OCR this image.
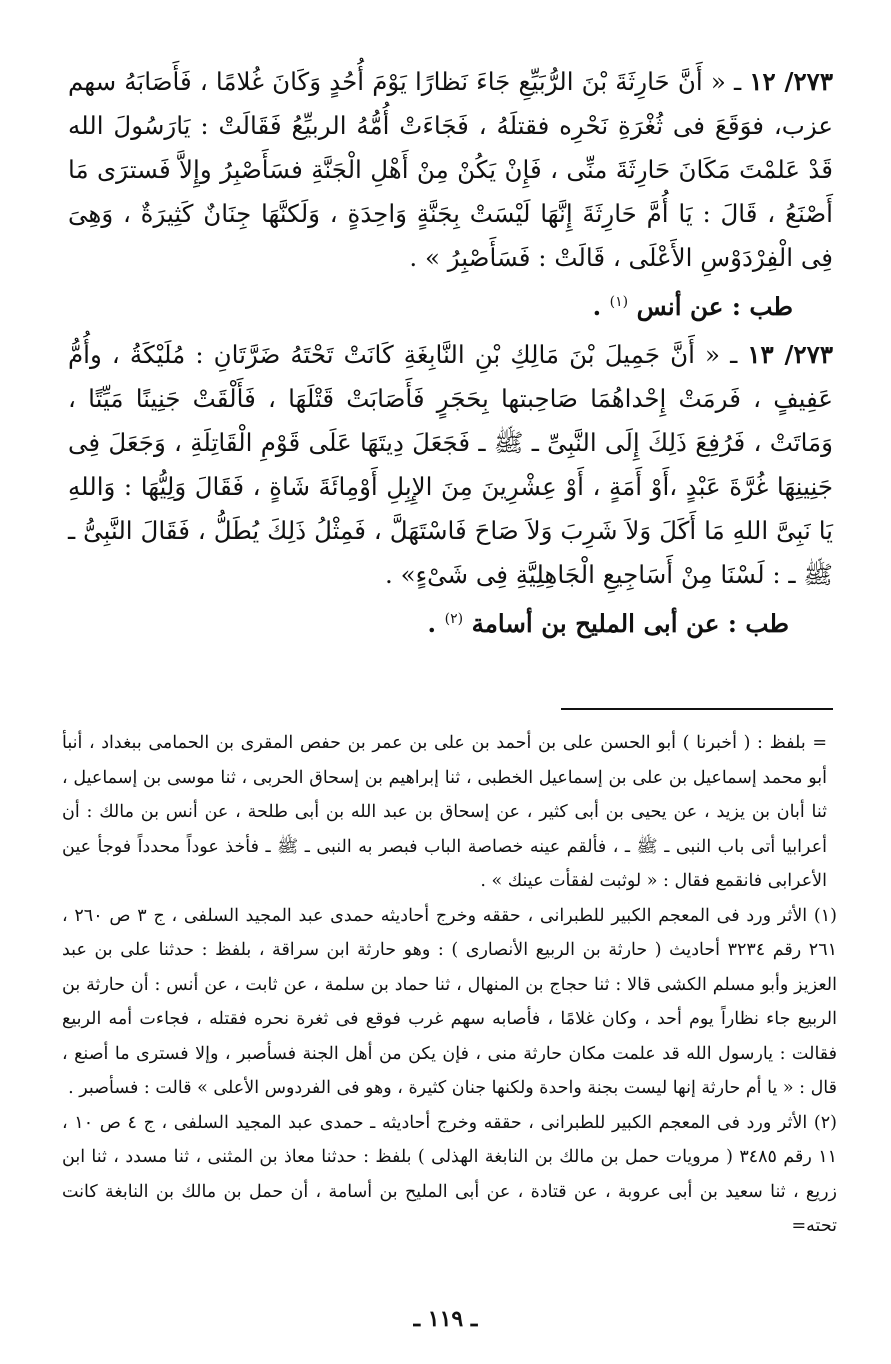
٢٧٣/ ١٢ ـ « أَنَّ حَارِثَةَ بْنَ الرُّبَيِّعِ جَاءَ نَظارًا يَوْمَ أُحُدٍ وَكَانَ غُلامًا ، فَأَصَابَهُ سهم عزب، فوَقَعَ فى ثُغْرَةِ نَحْرِه فقتلَهُ ، فَجَاءَتْ أُمُّهُ الربيِّعُ فَقَالَتْ : يَارَسُولَ الله قَدْ عَلمْتَ مَكَانَ حَارِثَةَ منِّى ، فَإِنْ يَكُنْ مِنْ أَهْلِ الْجَنَّةِ فسَأَصْبِرُ وإِلاَّ فَسترَى مَا أَصْنَعُ ، قَالَ : يَا أُمَّ حَارِثَةَ إِنَّهَا لَيْسَتْ بِجَنَّةٍ وَاحِدَةٍ ، وَلَكنَّهَا جِنَانٌ كَثِيرَةٌ ، وَهِىَ فِى الْفِرْدَوْسِ الأَعْلَى ، قَالَتْ : فَسَأَصْبِرُ » .

طب : عن أنس $^{(١)}$ .

٢٧٣/ ١٣ ـ « أَنَّ جَمِيلَ بْنَ مَالِكِ بْنِ النَّابِغَةِ كَانَتْ تَحْتَهُ ضَرَّتَانِ : مُلَيْكَةُ ، وأُمُّ عَفِيفٍ ، فَرمَتْ إِحْداهُمَا صَاحِبتها بِحَجَرٍ فَأَصَابَتْ قَتْلَهَا ، فَأَلْقَتْ جَنِينًا مَيِّتًا ، وَمَاتَتْ ، فَرُفِعَ ذَلِكَ إِلَى النَّبِىِّ ـ ﷺ ـ فَجَعَلَ دِيتَهَا عَلَى قَوْمِ الْقَاتِلَةِ ، وَجَعَلَ فِى جَنِينِهَا غُرَّةَ عَبْدٍ ،أَوْ أَمَةٍ ، أَوْ عِشْرِينَ مِنَ الإِبِلِ أَوْمِائَةَ شَاةٍ ، فَقَالَ وَلِيُّهَا : وَاللهِ يَا نَبِىَّ اللهِ مَا أَكَلَ وَلاَ شَرِبَ وَلاَ صَاحَ فَاسْتَهَلَّ ، فَمِثْلُ ذَلِكَ يُطَلُّ ، فَقَالَ النَّبِىُّ ـ ﷺ ـ : لَسْنَا مِنْ أَسَاجِيعِ الْجَاهِلِيَّةِ فِى شَىْءٍ» .

طب : عن أبى المليح بن أسامة $^{(٢)}$ .

= بلفظ : ( أخبرنا ) أبو الحسن على بن أحمد بن على بن عمر بن حفص المقرى بن الحمامى ببغداد ، أنبأ أبو محمد إسماعيل بن على بن إسماعيل الخطبى ، ثنا إبراهيم بن إسحاق الحربى ، ثنا موسى بن إسماعيل ، ثنا أبان بن يزيد ، عن يحيى بن أبى كثير ، عن إسحاق بن عبد الله بن أبى طلحة ، عن أنس بن مالك : أن أعرابيا أتى باب النبى ـ ﷺ ـ ، فألقم عينه خصاصة الباب فبصر به النبى ـ ﷺ ـ فأخذ عوداً محدداً فوجأ عين الأعرابى فانقمع فقال : « لوثبت لفقأت عينك » .

(١) الأثر ورد فى المعجم الكبير للطبرانى ، حققه وخرج أحاديثه حمدى عبد المجيد السلفى ، ج ٣ ص ٢٦٠ ، ٢٦١ رقم ٣٢٣٤ أحاديث ( حارثة بن الربيع الأنصارى ) : وهو حارثة ابن سراقة ، بلفظ : حدثنا على بن عبد العزيز وأبو مسلم الكشى قالا : ثنا حجاج بن المنهال ، ثنا حماد بن سلمة ، عن ثابت ، عن أنس : أن حارثة بن الربيع جاء نظاراً يوم أحد ، وكان غلامًا ، فأصابه سهم غرب فوقع فى ثغرة نحره فقتله ، فجاءت أمه الربيع فقالت : يارسول الله قد علمت مكان حارثة منى ، فإن يكن من أهل الجنة فسأصبر ، وإلا فسترى ما أصنع ، قال : « يا أم حارثة إنها ليست بجنة واحدة ولكنها جنان كثيرة ، وهو فى الفردوس الأعلى » قالت : فسأصبر .

(٢) الأثر ورد فى المعجم الكبير للطبرانى ، حققه وخرج أحاديثه ـ حمدى عبد المجيد السلفى ، ج ٤ ص ١٠ ، ١١ رقم ٣٤٨٥ ( مرويات حمل بن مالك بن النابغة الهذلى ) بلفظ : حدثنا معاذ بن المثنى ، ثنا مسدد ، ثنا ابن زريع ، ثنا سعيد بن أبى عروبة ، عن قتادة ، عن أبى المليح بن أسامة ، أن حمل بن مالك بن النابغة كانت تحته=

ـ ١١٩ ـ
